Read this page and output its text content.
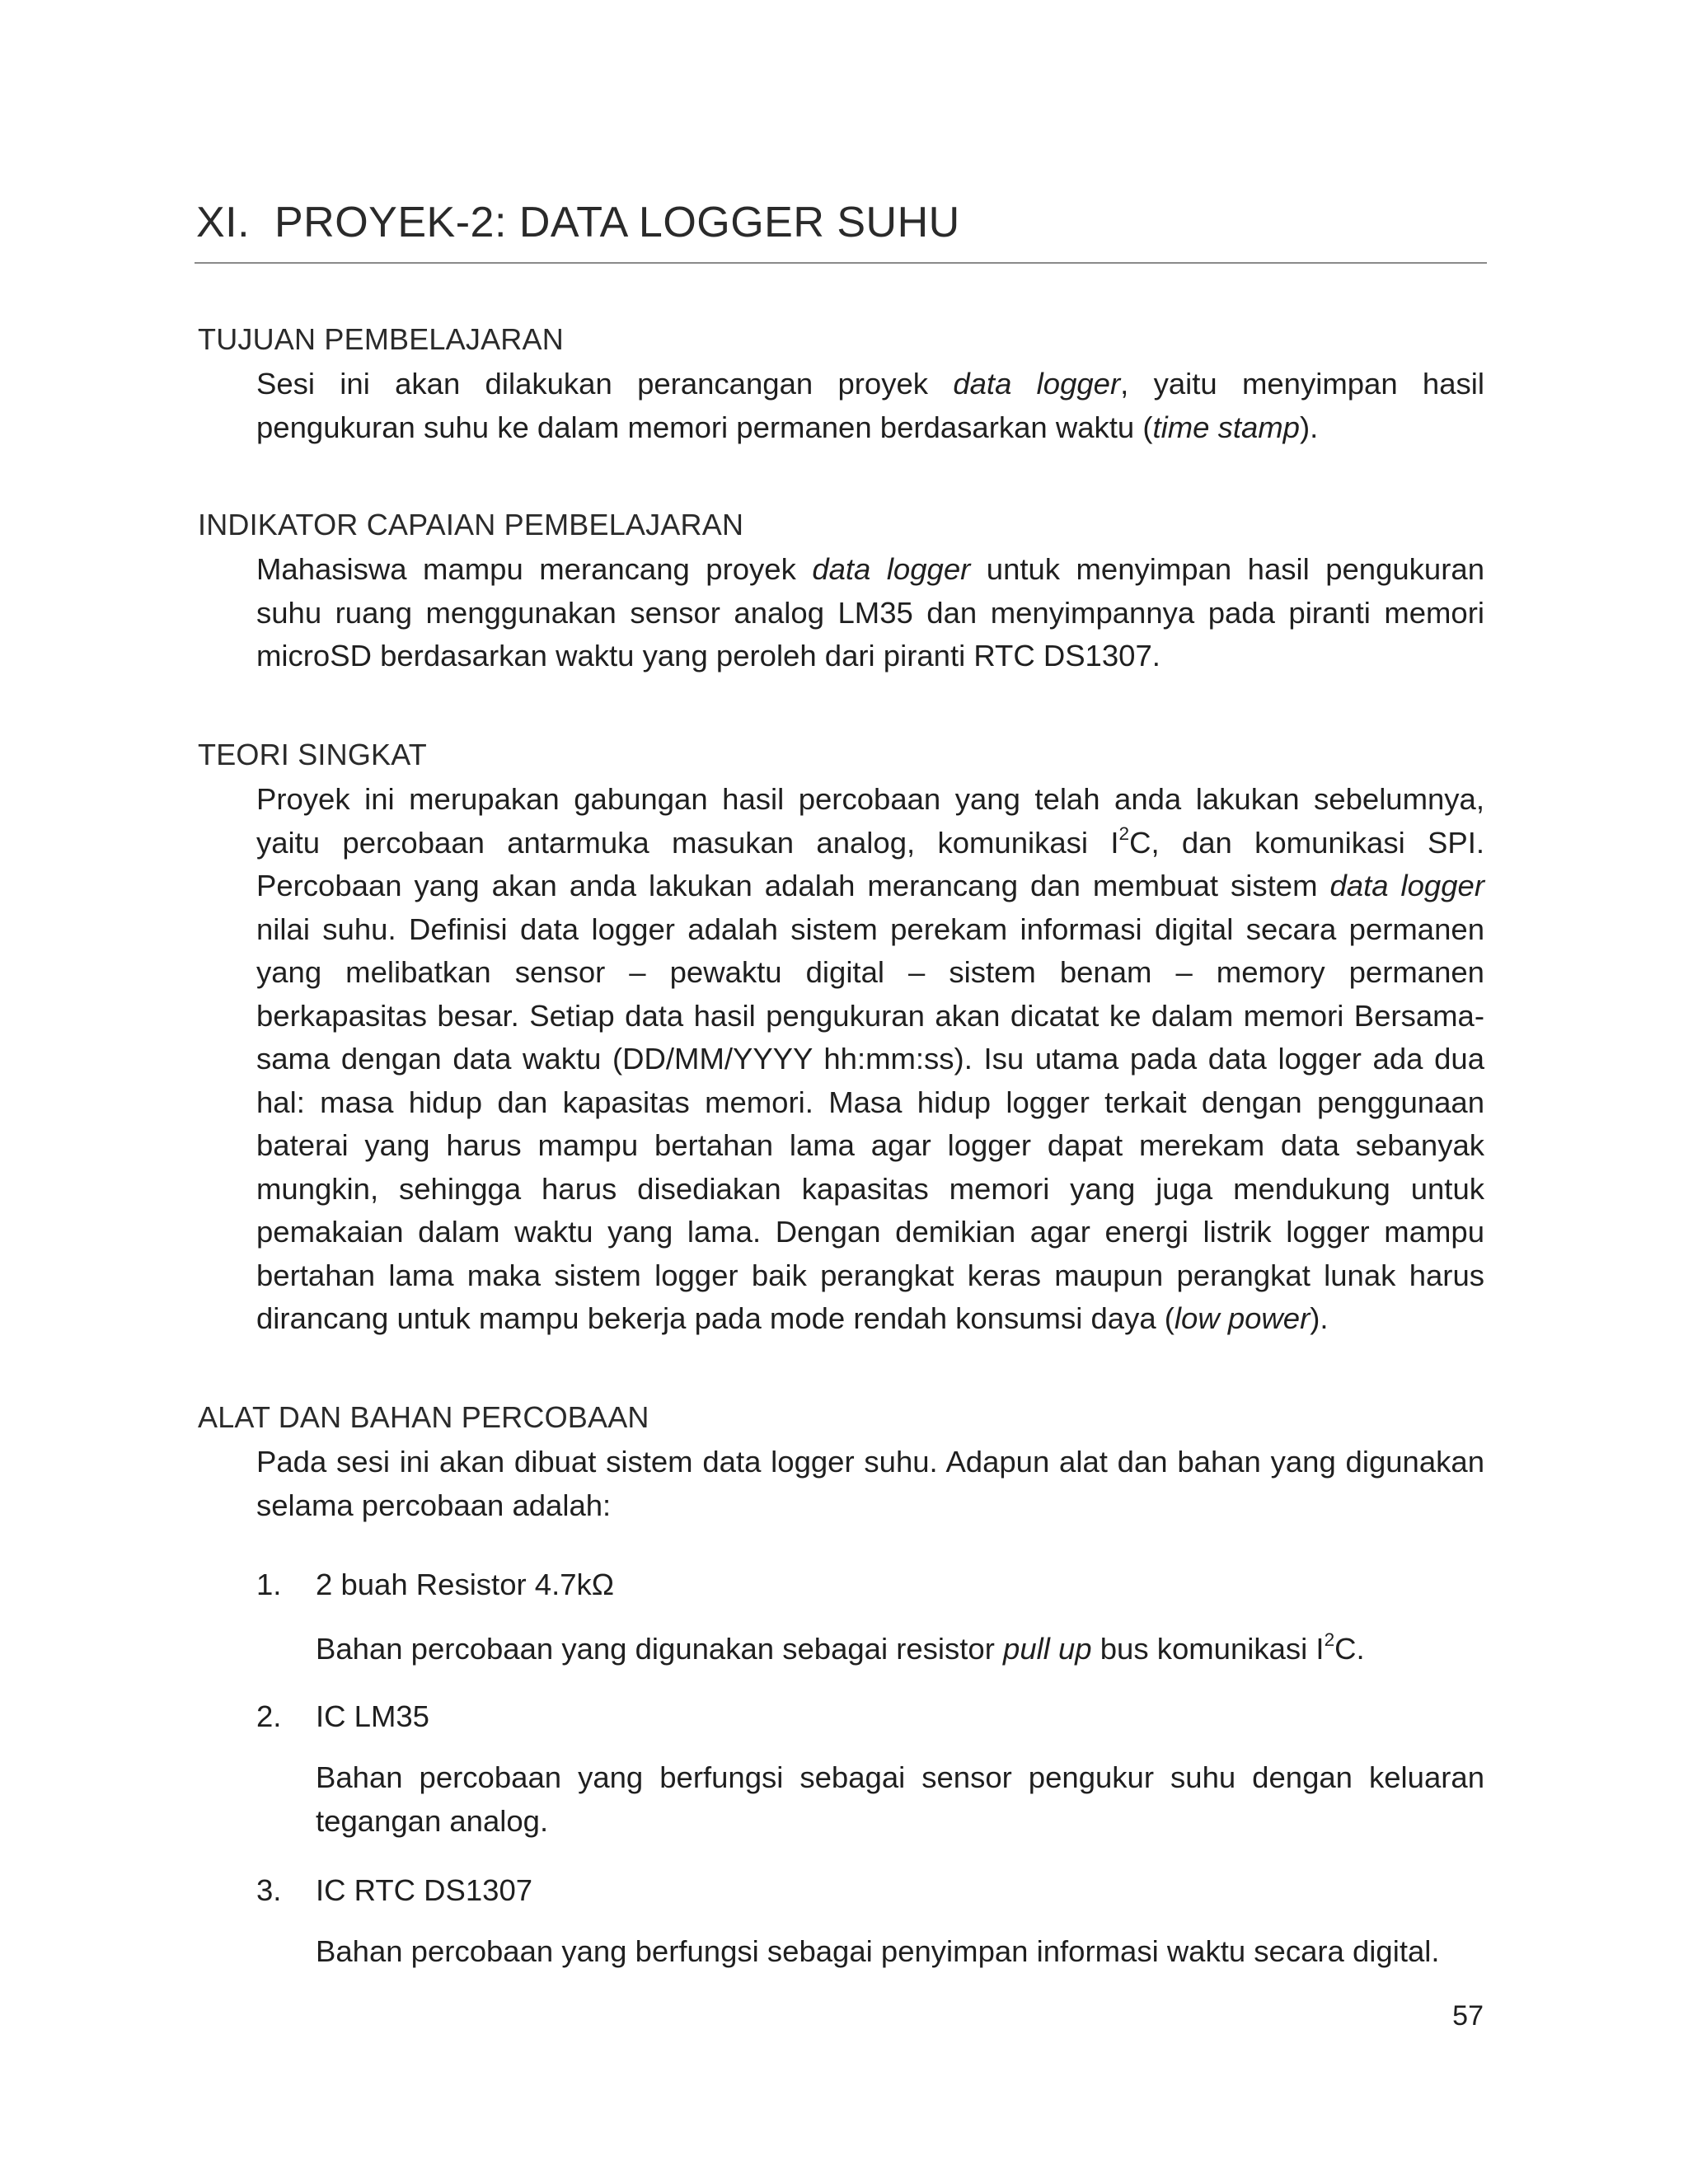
XI. PROYEK-2: DATA LOGGER SUHU
TUJUAN PEMBELAJARAN
Sesi ini akan dilakukan perancangan proyek data logger, yaitu menyimpan hasil pengukuran suhu ke dalam memori permanen berdasarkan waktu (time stamp).
INDIKATOR CAPAIAN PEMBELAJARAN
Mahasiswa mampu merancang proyek data logger untuk menyimpan hasil pengukuran suhu ruang menggunakan sensor analog LM35 dan menyimpannya pada piranti memori microSD berdasarkan waktu yang peroleh dari piranti RTC DS1307.
TEORI SINGKAT
Proyek ini merupakan gabungan hasil percobaan yang telah anda lakukan sebelumnya, yaitu percobaan antarmuka masukan analog, komunikasi $I^2C$, dan komunikasi SPI. Percobaan yang akan anda lakukan adalah merancang dan membuat sistem data logger nilai suhu. Definisi data logger adalah sistem perekam informasi digital secara permanen yang melibatkan sensor – pewaktu digital – sistem benam – memory permanen berkapasitas besar. Setiap data hasil pengukuran akan dicatat ke dalam memori Bersama-sama dengan data waktu (DD/MM/YYYY hh:mm:ss). Isu utama pada data logger ada dua hal: masa hidup dan kapasitas memori. Masa hidup logger terkait dengan penggunaan baterai yang harus mampu bertahan lama agar logger dapat merekam data sebanyak mungkin, sehingga harus disediakan kapasitas memori yang juga mendukung untuk pemakaian dalam waktu yang lama. Dengan demikian agar energi listrik logger mampu bertahan lama maka sistem logger baik perangkat keras maupun perangkat lunak harus dirancang untuk mampu bekerja pada mode rendah konsumsi daya (low power).
ALAT DAN BAHAN PERCOBAAN
Pada sesi ini akan dibuat sistem data logger suhu. Adapun alat dan bahan yang digunakan selama percobaan adalah:
1. 2 buah Resistor 4.7kΩ
Bahan percobaan yang digunakan sebagai resistor pull up bus komunikasi $I^2C$.
2. IC LM35
Bahan percobaan yang berfungsi sebagai sensor pengukur suhu dengan keluaran tegangan analog.
3. IC RTC DS1307
Bahan percobaan yang berfungsi sebagai penyimpan informasi waktu secara digital.
57
